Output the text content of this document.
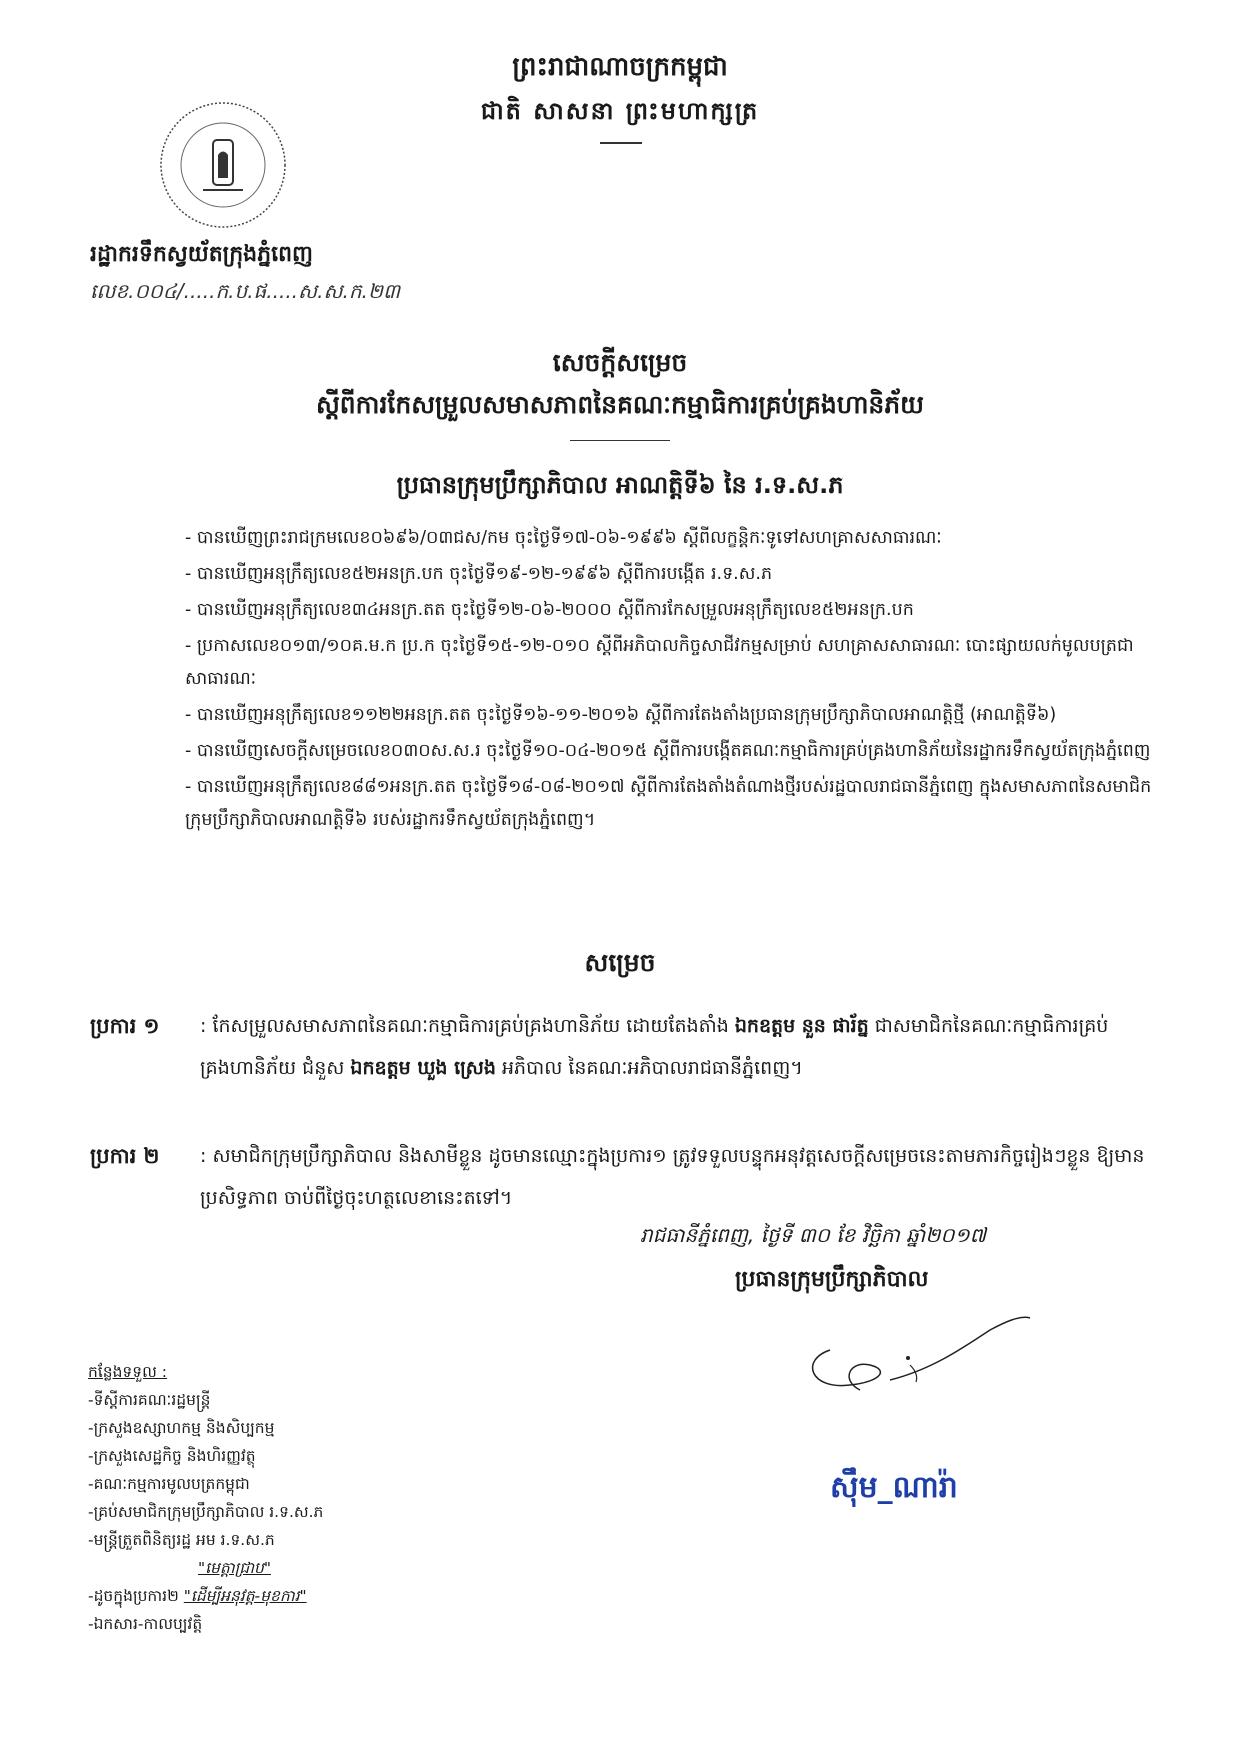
ព្រះរាជាណាចក្រកម្ពុជា
ជាតិ សាសនា ព្រះមហាក្សត្រ
រដ្ឋាករទឹកស្វយ័តក្រុងភ្នំពេញ
លេខ.០០៤/.....ក.ប.ផ.....ស.ស.ក.២៣
សេចក្ដីសម្រេច
ស្ដីពីការកែសម្រួលសមាសភាពនៃគណៈកម្មាធិការគ្រប់គ្រងហានិភ័យ
ប្រធានក្រុមប្រឹក្សាភិបាល អាណត្តិទី៦ នៃ រ.ទ.ស.ភ
- បានឃើញព្រះរាជក្រមលេខ០៦៩៦/០៣ជស/កម ចុះថ្ងៃទី១៧-០៦-១៩៩៦ ស្ដីពីលក្ខន្តិកៈទូទៅសហគ្រាសសាធារណៈ
- បានឃើញអនុក្រឹត្យលេខ៥២អនក្រ.បក ចុះថ្ងៃទី១៩-១២-១៩៩៦ ស្ដីពីការបង្កើត រ.ទ.ស.ភ
- បានឃើញអនុក្រឹត្យលេខ៣៤អនក្រ.តត ចុះថ្ងៃទី១២-០៦-២០០០ ស្ដីពីការកែសម្រួលអនុក្រឹត្យលេខ៥២អនក្រ.បក
- ប្រកាសលេខ០១៣/១០គ.ម.ក ប្រ.ក ចុះថ្ងៃទី១៥-១២-០១០ ស្ដីពីអភិបាលកិច្ចសាជីវកម្មសម្រាប់ សហគ្រាសសាធារណៈ បោះផ្សាយលក់មូលបត្រជាសាធារណៈ
- បានឃើញអនុក្រឹត្យលេខ១១២២អនក្រ.តត ចុះថ្ងៃទី១៦-១១-២០១៦ ស្ដីពីការតែងតាំងប្រធានក្រុមប្រឹក្សាភិបាលអាណត្តិថ្មី (អាណត្តិទី៦)
- បានឃើញសេចក្ដីសម្រេចលេខ០៣០ស.ស.រ ចុះថ្ងៃទី១០-០៤-២០១៥ ស្ដីពីការបង្កើតគណៈកម្មាធិការគ្រប់គ្រងហានិភ័យនៃរដ្ឋាករទឹកស្វយ័តក្រុងភ្នំពេញ
- បានឃើញអនុក្រឹត្យលេខ៨៨១អនក្រ.តត ចុះថ្ងៃទី១៨-០៨-២០១៧ ស្ដីពីការតែងតាំងតំណាងថ្មីរបស់រដ្ឋបាលរាជធានីភ្នំពេញ ក្នុងសមាសភាពនៃសមាជិកក្រុមប្រឹក្សាភិបាលអាណត្តិទី៦ របស់រដ្ឋាករទឹកស្វយ័តក្រុងភ្នំពេញ។
សម្រេច
ប្រការ ១	: កែសម្រួលសមាសភាពនៃគណៈកម្មាធិការគ្រប់គ្រងហានិភ័យ ដោយតែងតាំង ឯកឧត្ដម នួន ផារ័ត្ន ជាសមាជិកនៃគណៈកម្មាធិការគ្រប់គ្រងហានិភ័យ ជំនួស ឯកឧត្ដម ឃួង ស្រេង អភិបាល នៃគណៈអភិបាលរាជធានីភ្នំពេញ។
ប្រការ ២	: សមាជិកក្រុមប្រឹក្សាភិបាល និងសាមីខ្លួន ដូចមានឈ្មោះក្នុងប្រការ១ ត្រូវទទួលបន្ទុកអនុវត្តសេចក្ដីសម្រេចនេះតាមភារកិច្ចរៀងៗខ្លួន ឱ្យមានប្រសិទ្ធភាព ចាប់ពីថ្ងៃចុះហត្ថលេខានេះតទៅ។
រាជធានីភ្នំពេញ, ថ្ងៃទី ៣០ ខែ វិច្ឆិកា ឆ្នាំ២០១៧
ប្រធានក្រុមប្រឹក្សាភិបាល
ស៊ឹម_ណារ៉ា
កន្លែងទទួល :
-ទីស្ដីការគណៈរដ្ឋមន្ត្រី
-ក្រសួងឧស្សាហកម្ម និងសិប្បកម្ម
-ក្រសួងសេដ្ឋកិច្ច និងហិរញ្ញវត្ថុ
-គណៈកម្មការមូលបត្រកម្ពុជា
-គ្រប់សមាជិកក្រុមប្រឹក្សាភិបាល រ.ទ.ស.ភ
-មន្ត្រីត្រួតពិនិត្យរដ្ឋ អម រ.ទ.ស.ភ
"មេត្តាជ្រាប"
-ដូចក្នុងប្រការ២ "ដើម្បីអនុវត្ត-មុខការ"
-ឯកសារ-កាលប្បវត្តិ
